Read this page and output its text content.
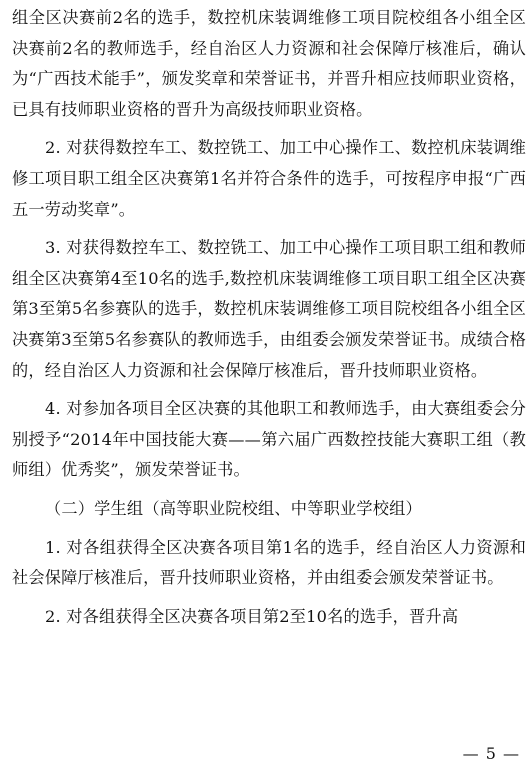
组全区决赛前2名的选手，数控机床装调维修工项目院校组各小组全区决赛前2名的教师选手，经自治区人力资源和社会保障厅核准后，确认为“广西技术能手”，颁发奖章和荣誉证书，并晋升相应技师职业资格，已具有技师职业资格的晋升为高级技师职业资格。

2. 对获得数控车工、数控铣工、加工中心操作工、数控机床装调维修工项目职工组全区决赛第1名并符合条件的选手，可按程序申报“广西五一劳动奖章”。

3. 对获得数控车工、数控铣工、加工中心操作工项目职工组和教师组全区决赛第4至10名的选手,数控机床装调维修工项目职工组全区决赛第3至第5名参赛队的选手，数控机床装调维修工项目院校组各小组全区决赛第3至第5名参赛队的教师选手，由组委会颁发荣誉证书。成绩合格的，经自治区人力资源和社会保障厅核准后，晋升技师职业资格。

4. 对参加各项目全区决赛的其他职工和教师选手，由大赛组委会分别授予“2014年中国技能大赛——第六届广西数控技能大赛职工组（教师组）优秀奖”，颁发荣誉证书。

（二）学生组（高等职业院校组、中等职业学校组）

1. 对各组获得全区决赛各项目第1名的选手，经自治区人力资源和社会保障厅核准后，晋升技师职业资格，并由组委会颁发荣誉证书。

2. 对各组获得全区决赛各项目第2至10名的选手，晋升高

— 5 —
